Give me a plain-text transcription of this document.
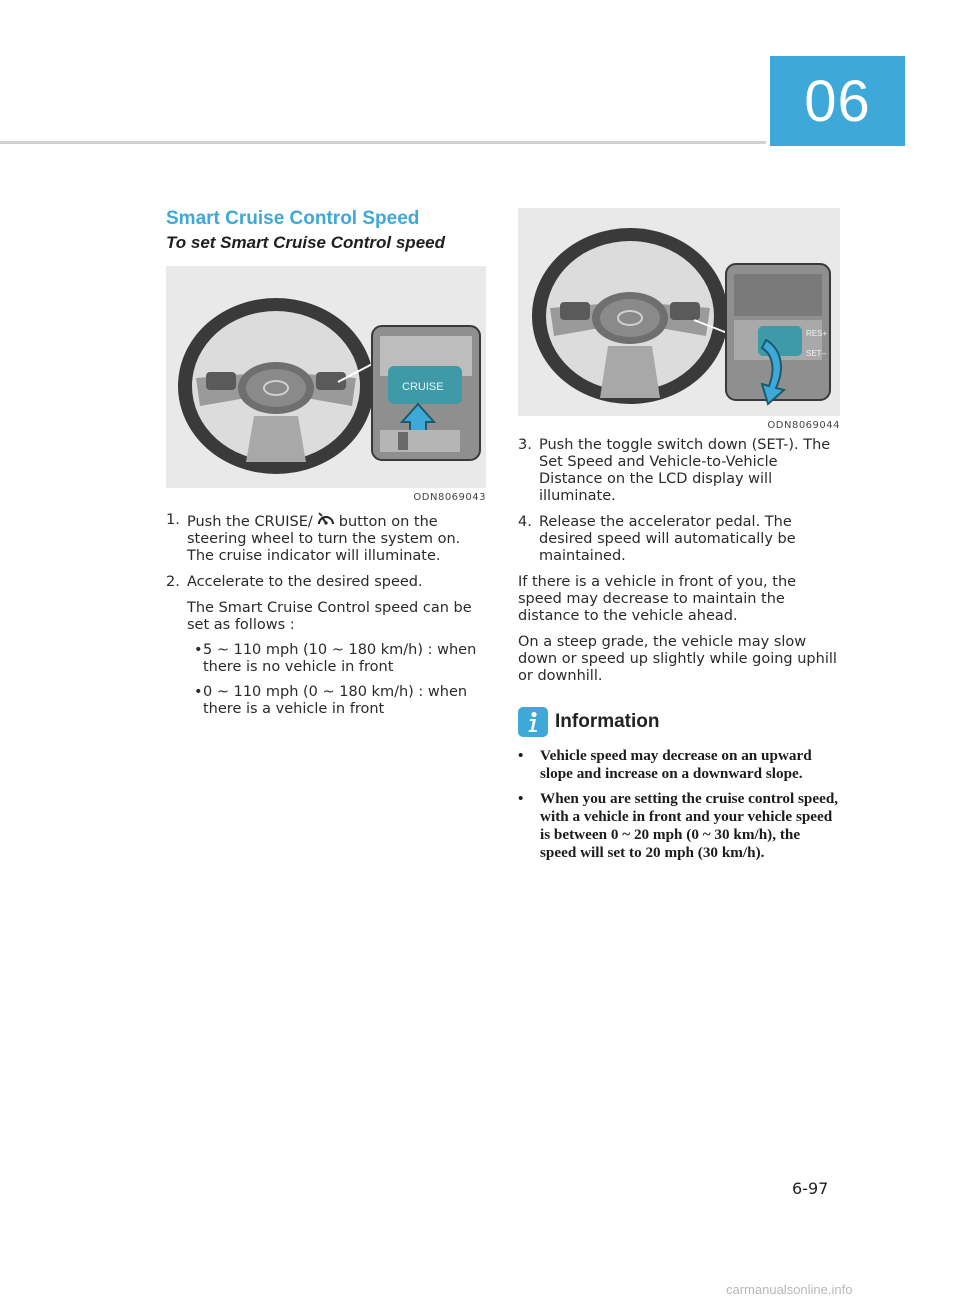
06
Smart Cruise Control Speed
To set Smart Cruise Control speed
CRUISE
ODN8069043
1. Push the CRUISE/ button on the steering wheel to turn the system on. The cruise indicator will illuminate.
2. Accelerate to the desired speed.
The Smart Cruise Control speed can be set as follows :
• 5 ~ 110 mph (10 ~ 180 km/h) : when there is no vehicle in front
• 0 ~ 110 mph (0 ~ 180 km/h) : when there is a vehicle in front
RES+
SET–
ODN8069044
3. Push the toggle switch down (SET-). The Set Speed and Vehicle-to-Vehicle Distance on the LCD display will illuminate.
4. Release the accelerator pedal. The desired speed will automatically be maintained.
If there is a vehicle in front of you, the speed may decrease to maintain the distance to the vehicle ahead.
On a steep grade, the vehicle may slow down or speed up slightly while going uphill or downhill.
Information
•	Vehicle speed may decrease on an upward slope and increase on a downward slope.
•	When you are setting the cruise control speed, with a vehicle in front and your vehicle speed is between 0 ~ 20 mph (0 ~ 30 km/h), the speed will set to 20 mph (30 km/h).
6-97
carmanualsonline.info
